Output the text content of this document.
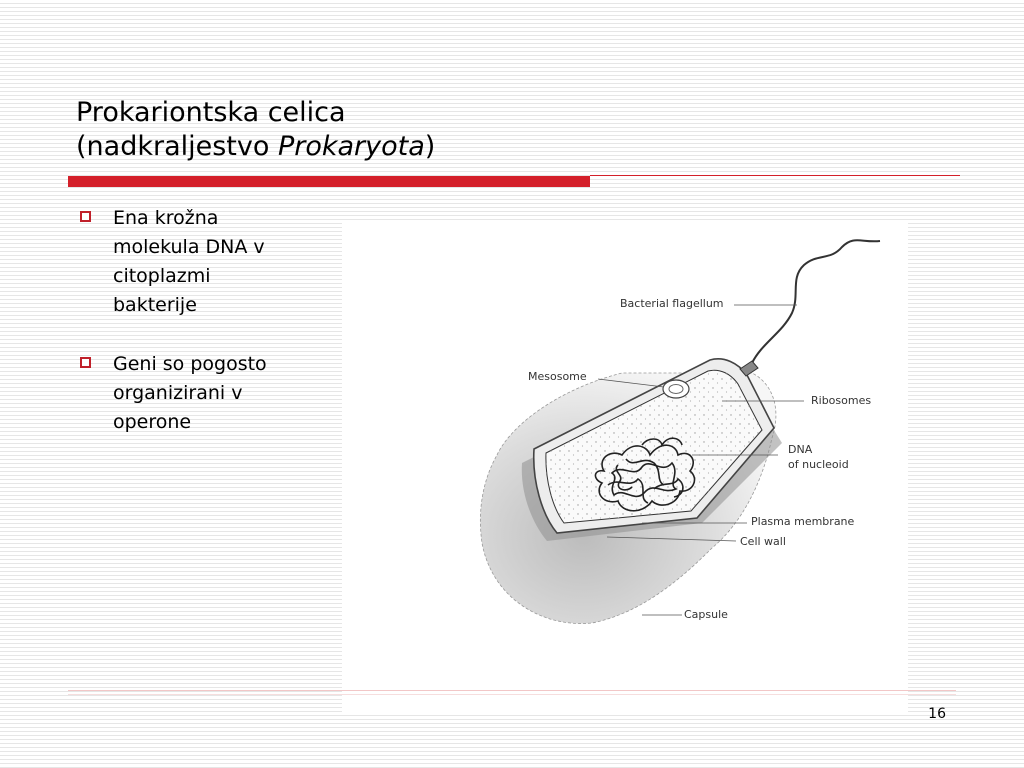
Prokariontska celica
(nadkraljestvo Prokaryota)
Ena krožna molekula DNA v citoplazmi bakterije
Geni so pogosto organizirani v operone
Bacterial flagellum
Mesosome
Ribosomes
DNA
of nucleoid
Plasma membrane
Cell wall
Capsule
16
